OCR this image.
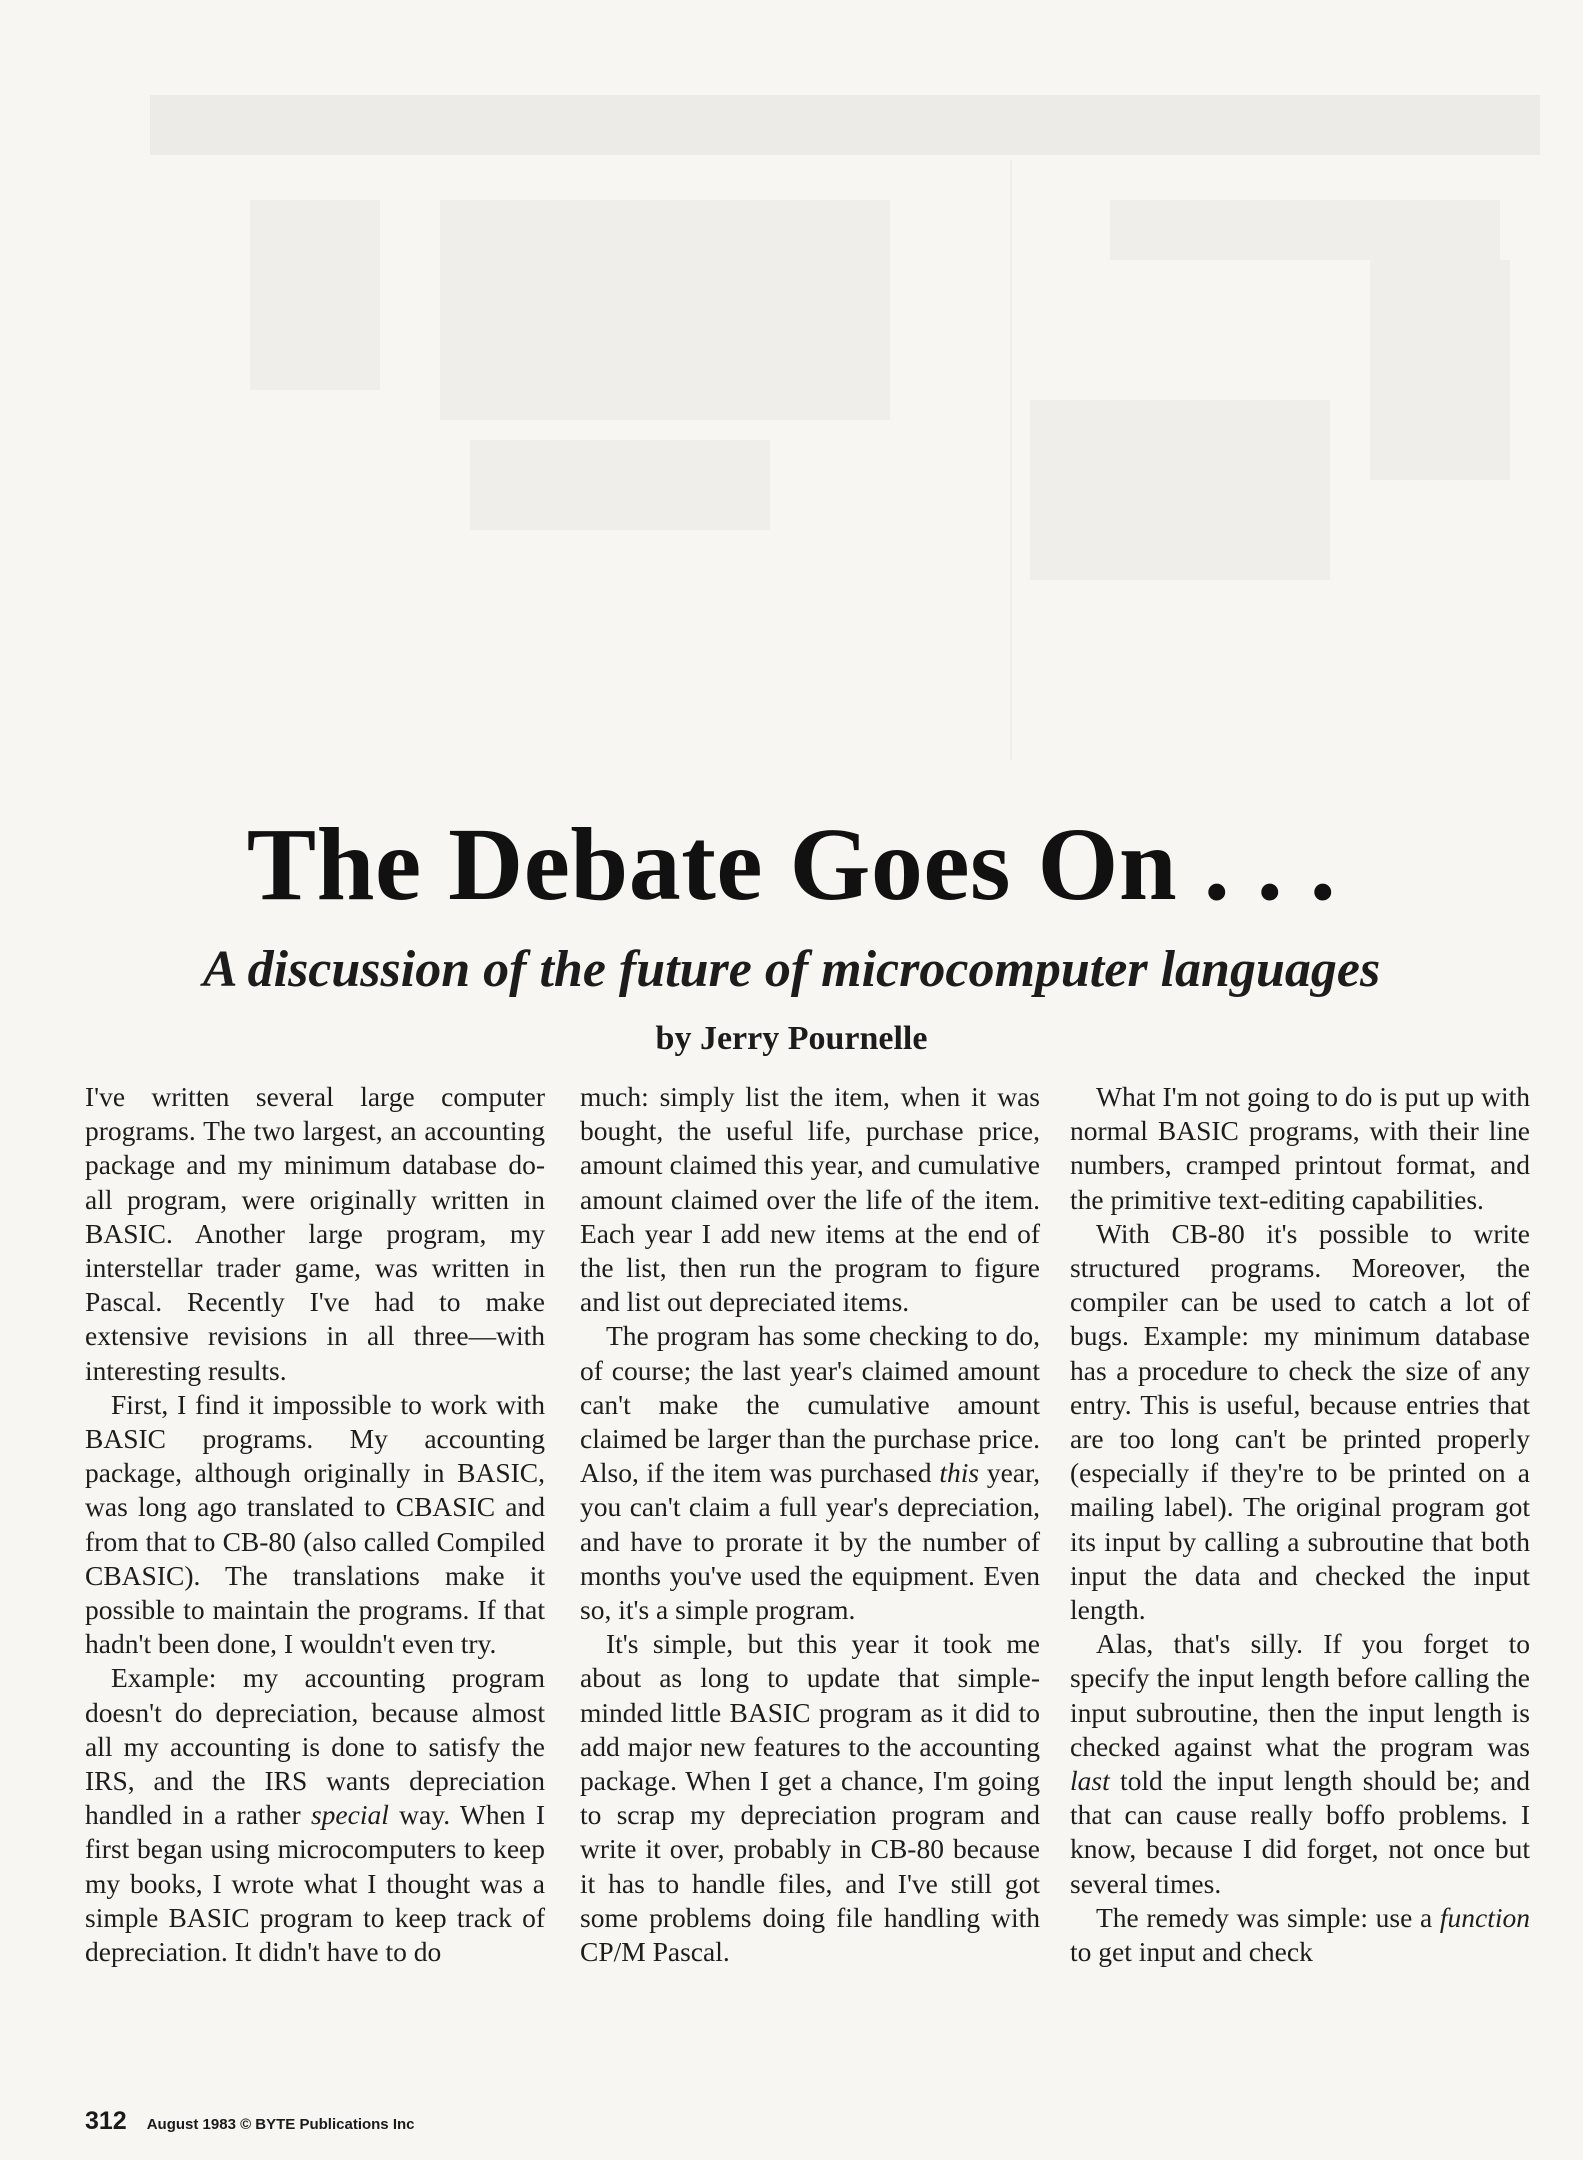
The Debate Goes On . . .
A discussion of the future of microcomputer languages
by Jerry Pournelle

I've written several large computer programs. The two largest, an accounting package and my minimum database do-all program, were originally written in BASIC. Another large program, my interstellar trader game, was written in Pascal. Recently I've had to make extensive revisions in all three—with interesting results.

First, I find it impossible to work with BASIC programs. My accounting package, although originally in BASIC, was long ago translated to CBASIC and from that to CB-80 (also called Compiled CBASIC). The translations make it possible to maintain the programs. If that hadn't been done, I wouldn't even try.

Example: my accounting program doesn't do depreciation, because almost all my accounting is done to satisfy the IRS, and the IRS wants depreciation handled in a rather special way. When I first began using microcomputers to keep my books, I wrote what I thought was a simple BASIC program to keep track of depreciation. It didn't have to do

much: simply list the item, when it was bought, the useful life, purchase price, amount claimed this year, and cumulative amount claimed over the life of the item. Each year I add new items at the end of the list, then run the program to figure and list out depreciated items.

The program has some checking to do, of course; the last year's claimed amount can't make the cumulative amount claimed be larger than the purchase price. Also, if the item was purchased this year, you can't claim a full year's depreciation, and have to prorate it by the number of months you've used the equipment. Even so, it's a simple program.

It's simple, but this year it took me about as long to update that simple-minded little BASIC program as it did to add major new features to the accounting package. When I get a chance, I'm going to scrap my depreciation program and write it over, probably in CB-80 because it has to handle files, and I've still got some problems doing file handling with CP/M Pascal.

What I'm not going to do is put up with normal BASIC programs, with their line numbers, cramped printout format, and the primitive text-editing capabilities.

With CB-80 it's possible to write structured programs. Moreover, the compiler can be used to catch a lot of bugs. Example: my minimum database has a procedure to check the size of any entry. This is useful, because entries that are too long can't be printed properly (especially if they're to be printed on a mailing label). The original program got its input by calling a subroutine that both input the data and checked the input length.

Alas, that's silly. If you forget to specify the input length before calling the input subroutine, then the input length is checked against what the program was last told the input length should be; and that can cause really boffo problems. I know, because I did forget, not once but several times.

The remedy was simple: use a function to get input and check

312 August 1983 © BYTE Publications Inc
